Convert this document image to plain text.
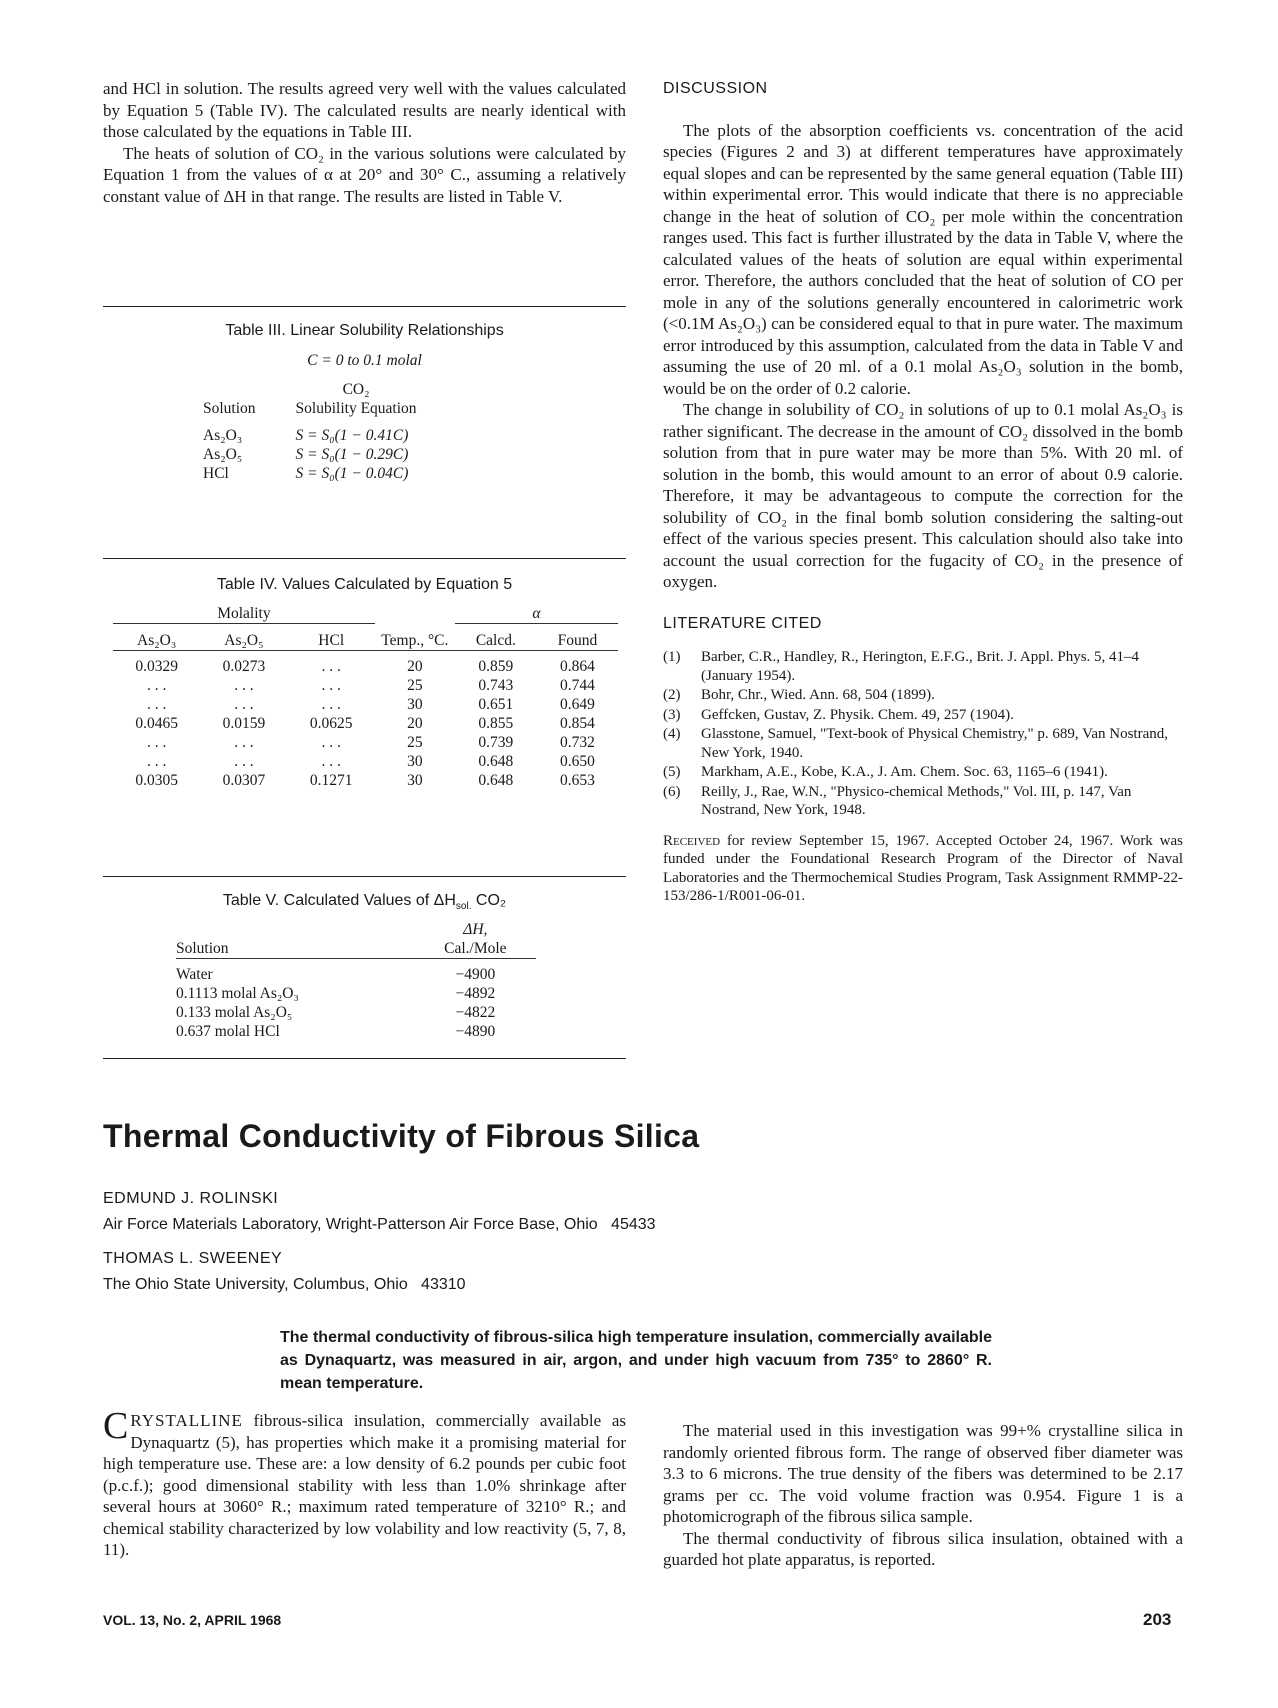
and HCl in solution. The results agreed very well with the values calculated by Equation 5 (Table IV). The calculated results are nearly identical with those calculated by the equations in Table III.

The heats of solution of CO₂ in the various solutions were calculated by Equation 1 from the values of α at 20° and 30° C., assuming a relatively constant value of ΔH in that range. The results are listed in Table V.

Table III. Linear Solubility Relationships
C = 0 to 0.1 molal
	CO₂
Solution	Solubility Equation

As₂O₃	S = S₀(1 − 0.41C)
As₂O₅	S = S₀(1 − 0.29C)
HCl	S = S₀(1 − 0.04C)
Table IV. Values Calculated by Equation 5
Molality			Temp., °C.	α	
As₂O₃	As₂O₅	HCl		Calcd.	Found

0.0329	0.0273	. . .	20	0.859	0.864
. . .	. . .	. . .	25	0.743	0.744
. . .	. . .	. . .	30	0.651	0.649
0.0465	0.0159	0.0625	20	0.855	0.854
. . .	. . .	. . .	25	0.739	0.732
. . .	. . .	. . .	30	0.648	0.650
0.0305	0.0307	0.1271	30	0.648	0.653
Table V. Calculated Values of $\Delta H_{sol.}$ CO₂
	ΔH,
Solution	Cal./Mole

Water	−4900
0.1113 molal As₂O₃	−4892
0.133 molal As₂O₅	−4822
0.637 molal HCl	−4890
DISCUSSION

The plots of the absorption coefficients vs. concentration of the acid species (Figures 2 and 3) at different temperatures have approximately equal slopes and can be represented by the same general equation (Table III) within experimental error. This would indicate that there is no appreciable change in the heat of solution of CO₂ per mole within the concentration ranges used. This fact is further illustrated by the data in Table V, where the calculated values of the heats of solution are equal within experimental error. Therefore, the authors concluded that the heat of solution of CO per mole in any of the solutions generally encountered in calorimetric work (<0.1M As₂O₃) can be considered equal to that in pure water. The maximum error introduced by this assumption, calculated from the data in Table V and assuming the use of 20 ml. of a 0.1 molal As₂O₃ solution in the bomb, would be on the order of 0.2 calorie.

The change in solubility of CO₂ in solutions of up to 0.1 molal As₂O₃ is rather significant. The decrease in the amount of CO₂ dissolved in the bomb solution from that in pure water may be more than 5%. With 20 ml. of solution in the bomb, this would amount to an error of about 0.9 calorie. Therefore, it may be advantageous to compute the correction for the solubility of CO₂ in the final bomb solution considering the salting-out effect of the various species present. This calculation should also take into account the usual correction for the fugacity of CO₂ in the presence of oxygen.

LITERATURE CITED
(1)	Barber, C.R., Handley, R., Herington, E.F.G., Brit. J. Appl. Phys. 5, 41–4 (January 1954).
(2)	Bohr, Chr., Wied. Ann. 68, 504 (1899).
(3)	Geffcken, Gustav, Z. Physik. Chem. 49, 257 (1904).
(4)	Glasstone, Samuel, "Text-book of Physical Chemistry," p. 689, Van Nostrand, New York, 1940.
(5)	Markham, A.E., Kobe, K.A., J. Am. Chem. Soc. 63, 1165–6 (1941).
(6)	Reilly, J., Rae, W.N., "Physico-chemical Methods," Vol. III, p. 147, Van Nostrand, New York, 1948.

Received for review September 15, 1967. Accepted October 24, 1967. Work was funded under the Foundational Research Program of the Director of Naval Laboratories and the Thermochemical Studies Program, Task Assignment RMMP-22-153/286-1/R001-06-01.

Thermal Conductivity of Fibrous Silica
EDMUND J. ROLINSKI
Air Force Materials Laboratory, Wright-Patterson Air Force Base, Ohio   45433
THOMAS L. SWEENEY
The Ohio State University, Columbus, Ohio   43310
The thermal conductivity of fibrous-silica high temperature insulation, commercially available as Dynaquartz, was measured in air, argon, and under high vacuum from 735° to 2860° R. mean temperature.

CRYSTALLINE fibrous-silica insulation, commercially available as Dynaquartz (5), has properties which make it a promising material for high temperature use. These are: a low density of 6.2 pounds per cubic foot (p.c.f.); good dimensional stability with less than 1.0% shrinkage after several hours at 3060° R.; maximum rated temperature of 3210° R.; and chemical stability characterized by low volability and low reactivity (5, 7, 8, 11).

The material used in this investigation was 99+% crystalline silica in randomly oriented fibrous form. The range of observed fiber diameter was 3.3 to 6 microns. The true density of the fibers was determined to be 2.17 grams per cc. The void volume fraction was 0.954. Figure 1 is a photomicrograph of the fibrous silica sample.

The thermal conductivity of fibrous silica insulation, obtained with a guarded hot plate apparatus, is reported.

VOL. 13, No. 2, APRIL 1968	203
